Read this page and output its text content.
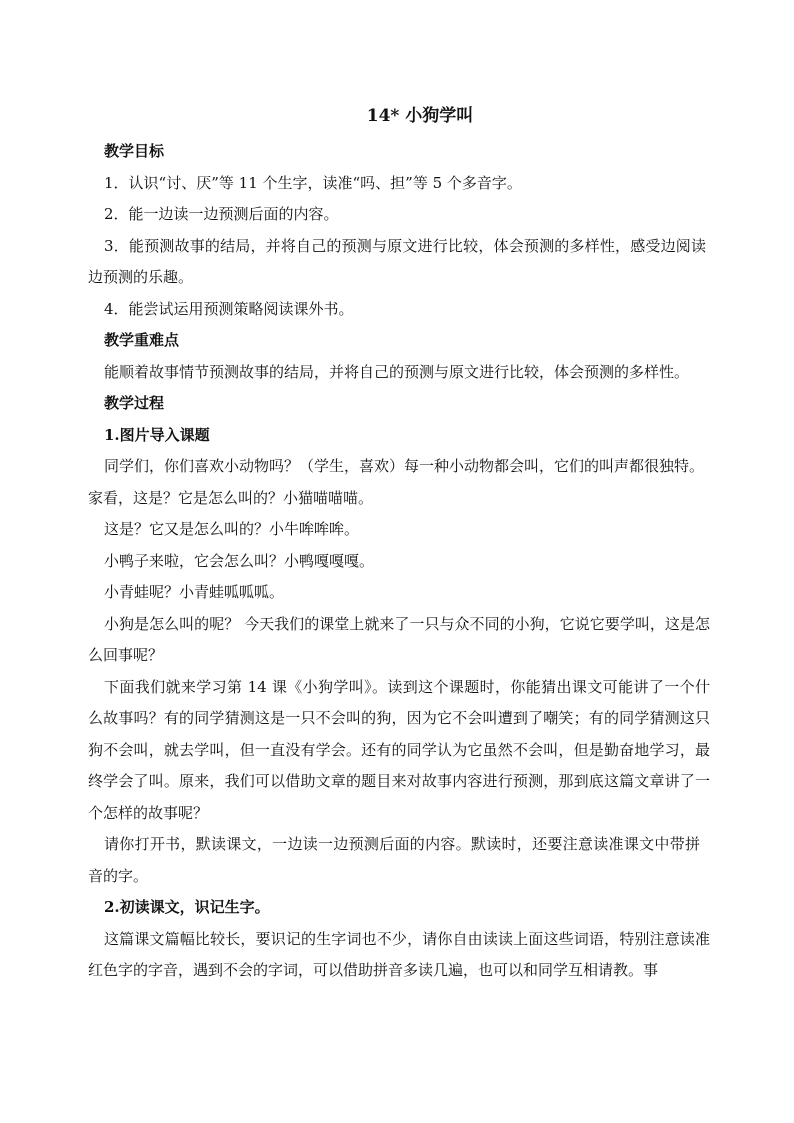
14* 小狗学叫

教学目标

1．认识“讨、厌”等 11 个生字，读准“吗、担”等 5 个多音字。

2．能一边读一边预测后面的内容。

3．能预测故事的结局，并将自己的预测与原文进行比较，体会预测的多样性，感受边阅读边预测的乐趣。

4．能尝试运用预测策略阅读课外书。

教学重难点

能顺着故事情节预测故事的结局，并将自己的预测与原文进行比较，体会预测的多样性。

教学过程

1.图片导入课题

同学们，你们喜欢小动物吗？（学生，喜欢）每一种小动物都会叫，它们的叫声都很独特。家看，这是？它是怎么叫的？小猫喵喵喵。

这是？它又是怎么叫的？小牛哞哞哞。

小鸭子来啦，它会怎么叫？小鸭嘎嘎嘎。

小青蛙呢？小青蛙呱呱呱。

小狗是怎么叫的呢？ 今天我们的课堂上就来了一只与众不同的小狗，它说它要学叫，这是怎么回事呢？

下面我们就来学习第 14 课《小狗学叫》。读到这个课题时，你能猜出课文可能讲了一个什么故事吗？有的同学猜测这是一只不会叫的狗，因为它不会叫遭到了嘲笑；有的同学猜测这只狗不会叫，就去学叫，但一直没有学会。还有的同学认为它虽然不会叫，但是勤奋地学习，最终学会了叫。原来，我们可以借助文章的题目来对故事内容进行预测，那到底这篇文章讲了一个怎样的故事呢？

请你打开书，默读课文，一边读一边预测后面的内容。默读时，还要注意读准课文中带拼音的字。

2.初读课文，识记生字。

这篇课文篇幅比较长，要识记的生字词也不少，请你自由读读上面这些词语，特别注意读准红色字的字音，遇到不会的字词，可以借助拼音多读几遍，也可以和同学互相请教。事
